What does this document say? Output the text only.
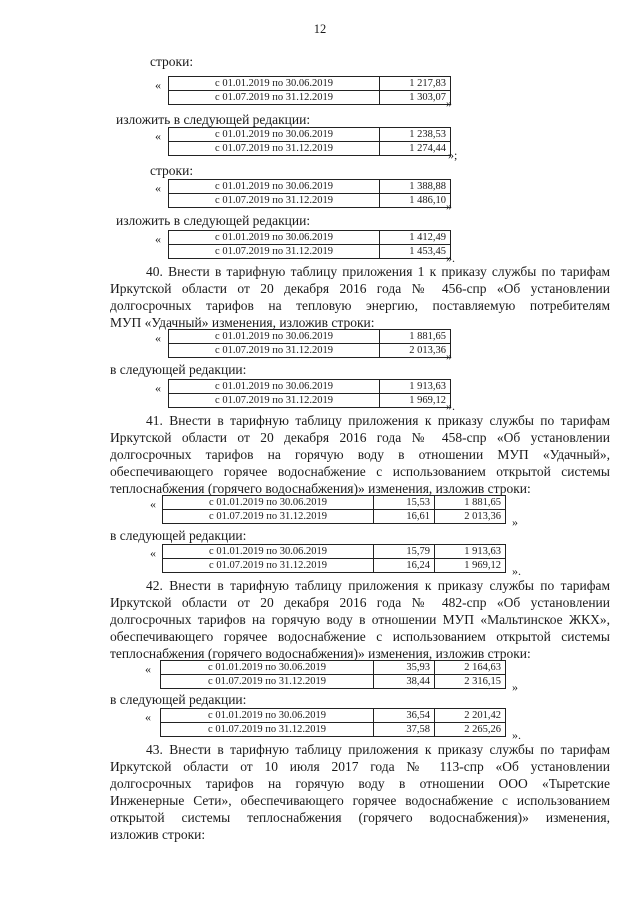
12
строки:
«	с 01.01.2019 по 30.06.2019	1 217,83
с 01.07.2019 по 31.12.2019	1 303,07 »
изложить в следующей редакции:
«	с 01.01.2019 по 30.06.2019	1 238,53
с 01.07.2019 по 31.12.2019	1 274,44 »;
строки:
«	с 01.01.2019 по 30.06.2019	1 388,88
с 01.07.2019 по 31.12.2019	1 486,10 »
изложить в следующей редакции:
«	с 01.01.2019 по 30.06.2019	1 412,49
с 01.07.2019 по 31.12.2019	1 453,45 ».
40. Внести в тарифную таблицу приложения 1 к приказу службы по тарифам
Иркутской области от 20 декабря 2016 года № 456-спр «Об установлении
долгосрочных тарифов на тепловую энергию, поставляемую потребителям
МУП «Удачный» изменения, изложив строки:
«	с 01.01.2019 по 30.06.2019	1 881,65
с 01.07.2019 по 31.12.2019	2 013,36 »
в следующей редакции:
«	с 01.01.2019 по 30.06.2019	1 913,63
с 01.07.2019 по 31.12.2019	1 969,12 ».
41. Внести в тарифную таблицу приложения к приказу службы по тарифам
Иркутской области от 20 декабря 2016 года № 458-спр «Об установлении
долгосрочных тарифов на горячую воду в отношении МУП «Удачный»,
обеспечивающего горячее водоснабжение с использованием открытой системы
теплоснабжения (горячего водоснабжения)» изменения, изложив строки:
«	с 01.01.2019 по 30.06.2019	15,53	1 881,65
с 01.07.2019 по 31.12.2019	16,61	2 013,36 »
в следующей редакции:
«	с 01.01.2019 по 30.06.2019	15,79	1 913,63
с 01.07.2019 по 31.12.2019	16,24	1 969,12 ».
42. Внести в тарифную таблицу приложения к приказу службы по тарифам
Иркутской области от 20 декабря 2016 года № 482-спр «Об установлении
долгосрочных тарифов на горячую воду в отношении МУП «Мальтинское ЖКХ»,
обеспечивающего горячее водоснабжение с использованием открытой системы
теплоснабжения (горячего водоснабжения)» изменения, изложив строки:
«	с 01.01.2019 по 30.06.2019	35,93	2 164,63
с 01.07.2019 по 31.12.2019	38,44	2 316,15 »
в следующей редакции:
«	с 01.01.2019 по 30.06.2019	36,54	2 201,42
с 01.07.2019 по 31.12.2019	37,58	2 265,26 ».
43. Внести в тарифную таблицу приложения к приказу службы по тарифам
Иркутской области от 10 июля 2017 года № 113-спр «Об установлении
долгосрочных тарифов на горячую воду в отношении ООО «Тыретские
Инженерные Сети», обеспечивающего горячее водоснабжение с использованием
открытой системы теплоснабжения (горячего водоснабжения)» изменения,
изложив строки:
